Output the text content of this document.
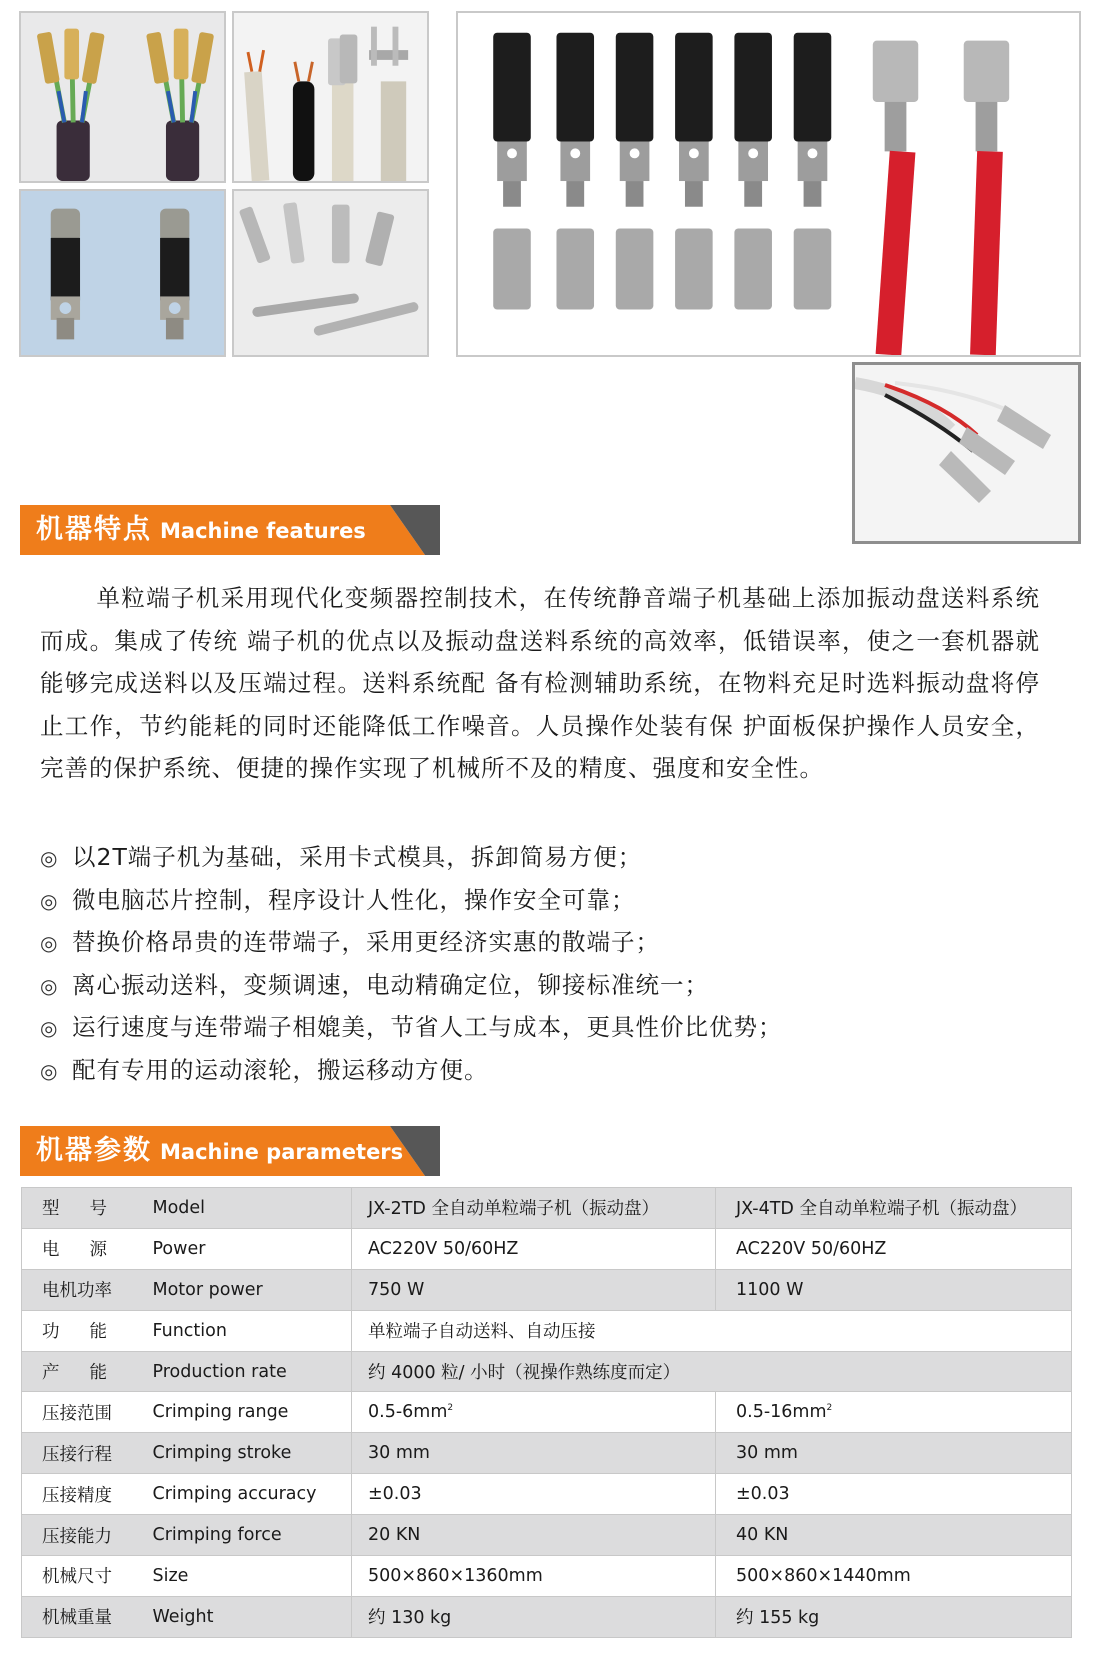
机器特点 Machine features

单粒端子机采用现代化变频器控制技术，在传统静音端子机基础上添加振动盘送料系统而成。集成了传统 端子机的优点以及振动盘送料系统的高效率，低错误率，使之一套机器就能够完成送料以及压端过程。送料系统配 备有检测辅助系统，在物料充足时选料振动盘将停止工作，节约能耗的同时还能降低工作噪音。人员操作处装有保 护面板保护操作人员安全，完善的保护系统、便捷的操作实现了机械所不及的精度、强度和安全性。

◎ 以2T端子机为基础，采用卡式模具，拆卸简易方便；
◎ 微电脑芯片控制，程序设计人性化，操作安全可靠；
◎ 替换价格昂贵的连带端子，采用更经济实惠的散端子；
◎ 离心振动送料，变频调速，电动精确定位，铆接标准统一；
◎ 运行速度与连带端子相媲美，节省人工与成本，更具性价比优势；
◎ 配有专用的运动滚轮，搬运移动方便。
机器参数 Machine parameters
型号	Model	JX-2TD 全自动单粒端子机（振动盘）	JX-4TD 全自动单粒端子机（振动盘）
电源	Power	AC220V 50/60HZ	AC220V 50/60HZ
电机功率	Motor power	750 W	1100 W
功能	Function	单粒端子自动送料、自动压接	
产能	Production rate	约 4000 粒/ 小时（视操作熟练度而定）	
压接范围	Crimping range	$0.5-6mm^2$	$0.5-16mm^2$
压接行程	Crimping stroke	30 mm	30 mm
压接精度	Crimping accuracy	±0.03	±0.03
压接能力	Crimping force	20 KN	40 KN
机械尺寸	Size	500×860×1360mm	500×860×1440mm
机械重量	Weight	约 130 kg	约 155 kg
